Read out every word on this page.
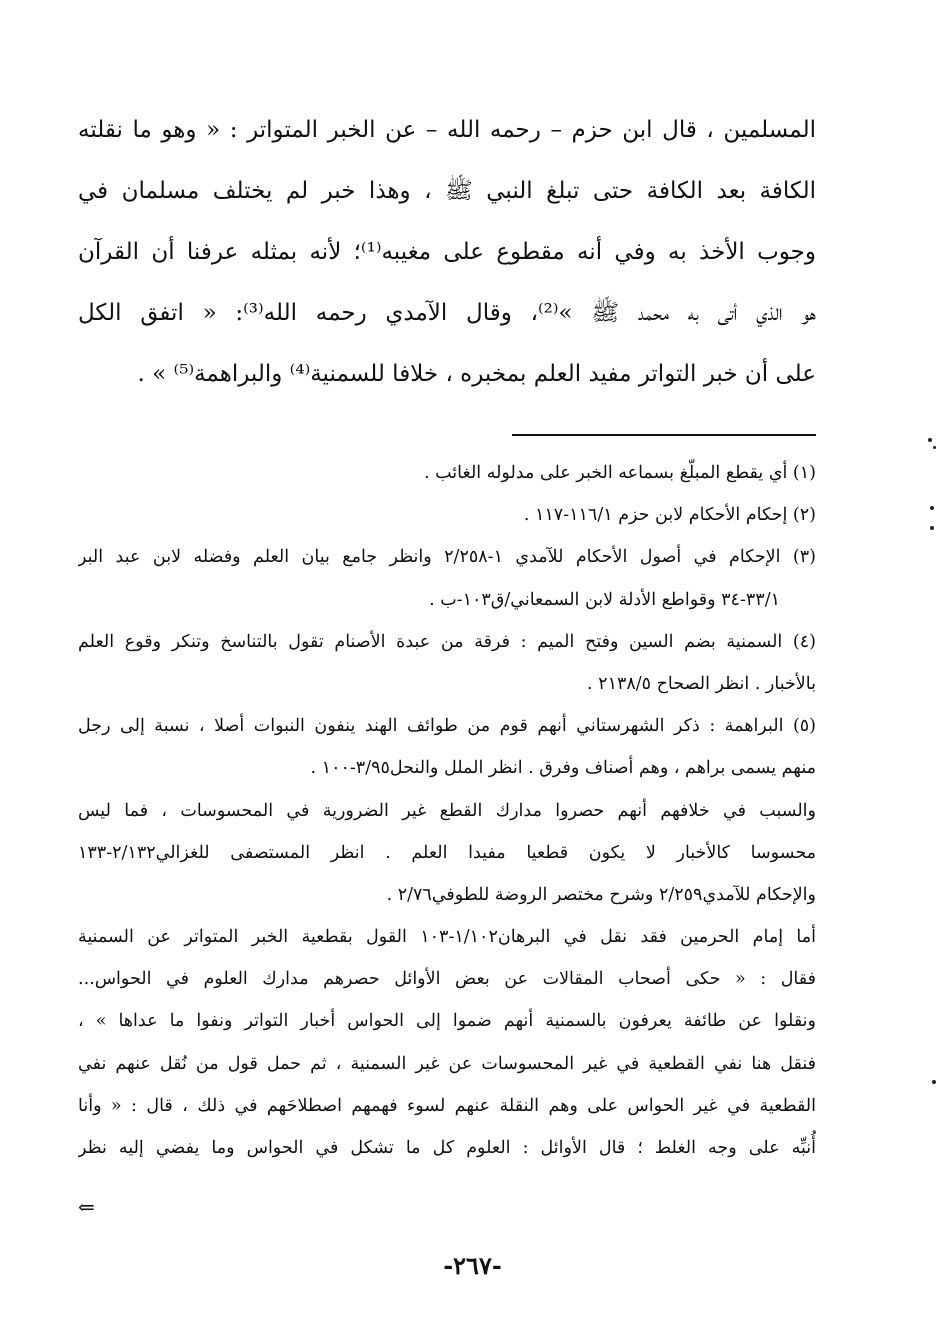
المسلمين ، قال ابن حزم – رحمه الله – عن الخبر المتواتر : « وهو ما نقلته
الكافة بعد الكافة حتى تبلغ النبي ﷺ ، وهذا خبر لم يختلف مسلمان في
وجوب الأخذ به وفي أنه مقطوع على مغيبه⁽¹⁾؛ لأنه بمثله عرفنا أن القرآن
هو الذي أتى به محمد ﷺ »⁽²⁾، وقال الآمدي رحمه الله⁽³⁾: « اتفق الكل
على أن خبر التواتر مفيد العلم بمخبره ، خلافا للسمنية⁽⁴⁾ والبراهمة⁽⁵⁾ » .
(١) أي يقطع المبلّغ بسماعه الخبر على مدلوله الغائب .
(٢) إحكام الأحكام لابن حزم ١١٦/١-١١٧ .
(٣) الإحكام في أصول الأحكام للآمدي ١-٢/٢٥٨ وانظر جامع بيان العلم وفضله لابن عبد البر
٣٣/١-٣٤ وقواطع الأدلة لابن السمعاني/ق١٠٣-ب .
(٤) السمنية بضم السين وفتح الميم : فرقة من عبدة الأصنام تقول بالتناسخ وتنكر وقوع العلم
بالأخبار . انظر الصحاح ٢١٣٨/٥ .
(٥) البراهمة : ذكر الشهرستاني أنهم قوم من طوائف الهند ينفون النبوات أصلا ، نسبة إلى رجل
منهم يسمى براهم ، وهم أصناف وفرق . انظر الملل والنحل٣/٩٥-١٠٠ .
والسبب في خلافهم أنهم حصروا مدارك القطع غير الضرورية في المحسوسات ، فما ليس
محسوسا كالأخبار لا يكون قطعيا مفيدا العلم . انظر المستصفى للغزالي٢/١٣٢-١٣٣
والإحكام للآمدي٢/٢٥٩ وشرح مختصر الروضة للطوفي٢/٧٦ .
أما إمام الحرمين فقد نقل في البرهان١/١٠٢-١٠٣ القول بقطعية الخبر المتواتر عن السمنية
فقال : « حكى أصحاب المقالات عن بعض الأوائل حصرهم مدارك العلوم في الحواس...
ونقلوا عن طائفة يعرفون بالسمنية أنهم ضموا إلى الحواس أخبار التواتر ونفوا ما عداها » ،
فنقل هنا نفي القطعية في غير المحسوسات عن غير السمنية ، ثم حمل قول من نُقل عنهم نفي
القطعية في غير الحواس على وهم النقلة عنهم لسوء فهمهم اصطلاحَهم في ذلك ، قال : « وأنا
أُنبِّه على وجه الغلط ؛ قال الأوائل : العلوم كل ما تشكل في الحواس وما يفضي إليه نظر
⇐
-٢٦٧-
